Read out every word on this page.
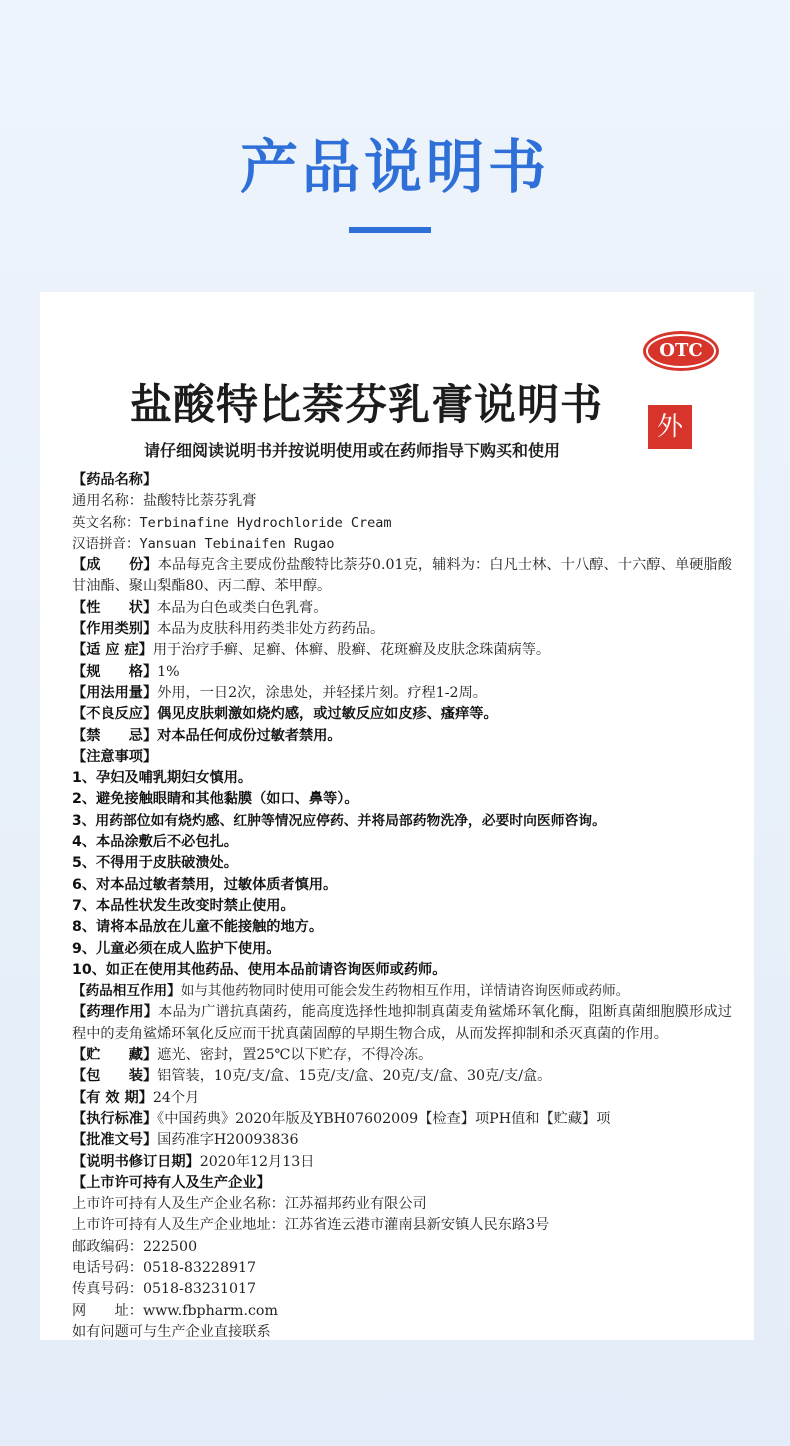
产品说明书
OTC
盐酸特比萘芬乳膏说明书	外
请仔细阅读说明书并按说明使用或在药师指导下购买和使用
【药品名称】
通用名称：盐酸特比萘芬乳膏
英文名称：Terbinafine Hydrochloride Cream
汉语拼音：Yansuan Tebinaifen Rugao
【成　　份】本品每克含主要成份盐酸特比萘芬0.01克，辅料为：白凡士林、十八醇、十六醇、单硬脂酸甘油酯、聚山梨酯80、丙二醇、苯甲醇。
【性　　状】本品为白色或类白色乳膏。
【作用类别】本品为皮肤科用药类非处方药药品。
【适 应 症】用于治疗手癣、足癣、体癣、股癣、花斑癣及皮肤念珠菌病等。
【规　　格】1%
【用法用量】外用，一日2次，涂患处，并轻揉片刻。疗程1-2周。
【不良反应】偶见皮肤刺激如烧灼感，或过敏反应如皮疹、瘙痒等。
【禁　　忌】对本品任何成份过敏者禁用。
【注意事项】
1、孕妇及哺乳期妇女慎用。
2、避免接触眼睛和其他黏膜（如口、鼻等）。
3、用药部位如有烧灼感、红肿等情况应停药、并将局部药物洗净，必要时向医师咨询。
4、本品涂敷后不必包扎。
5、不得用于皮肤破溃处。
6、对本品过敏者禁用，过敏体质者慎用。
7、本品性状发生改变时禁止使用。
8、请将本品放在儿童不能接触的地方。
9、儿童必须在成人监护下使用。
10、如正在使用其他药品、使用本品前请咨询医师或药师。
【药品相互作用】如与其他药物同时使用可能会发生药物相互作用，详情请咨询医师或药师。
【药理作用】本品为广谱抗真菌药，能高度选择性地抑制真菌麦角鲨烯环氧化酶，阻断真菌细胞膜形成过程中的麦角鲨烯环氧化反应而干扰真菌固醇的早期生物合成，从而发挥抑制和杀灭真菌的作用。
【贮　　藏】遮光、密封，置25℃以下贮存，不得冷冻。
【包　　装】铝管装，10克/支/盒、15克/支/盒、20克/支/盒、30克/支/盒。
【有 效 期】24个月
【执行标准】《中国药典》2020年版及YBH07602009【检查】项PH值和【贮藏】项
【批准文号】国药准字H20093836
【说明书修订日期】2020年12月13日
【上市许可持有人及生产企业】
上市许可持有人及生产企业名称：江苏福邦药业有限公司
上市许可持有人及生产企业地址：江苏省连云港市灌南县新安镇人民东路3号
邮政编码：222500
电话号码：0518-83228917
传真号码：0518-83231017
网　　址：www.fbpharm.com
如有问题可与生产企业直接联系
